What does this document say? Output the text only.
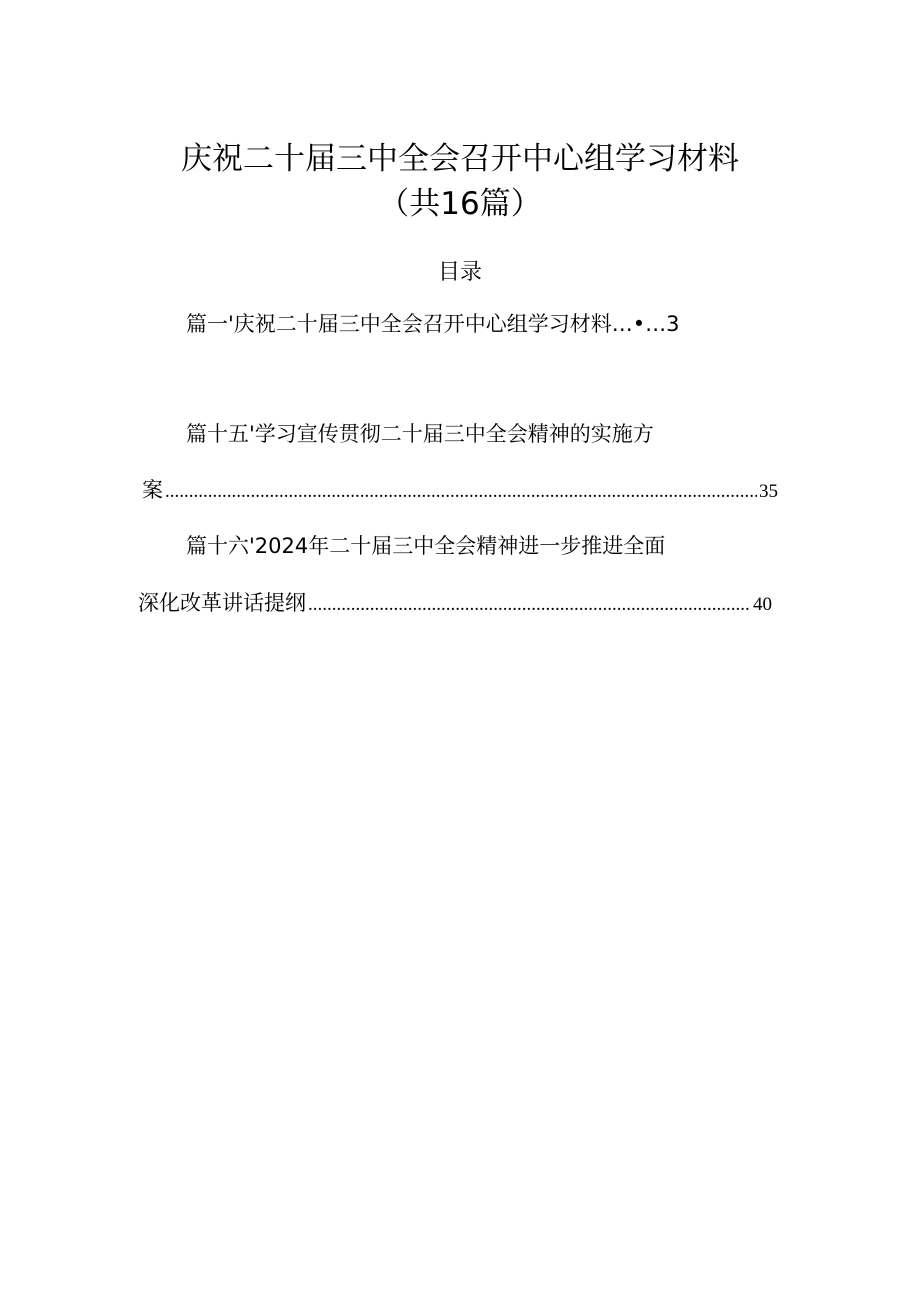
庆祝二十届三中全会召开中心组学习材料
（共16篇）
目录
篇一'庆祝二十届三中全会召开中心组学习材料…•…3
篇十五'学习宣传贯彻二十届三中全会精神的实施方
案 .....	35
篇十六'2024年二十届三中全会精神进一步推进全面
深化改革讲话提纲 .....	40
